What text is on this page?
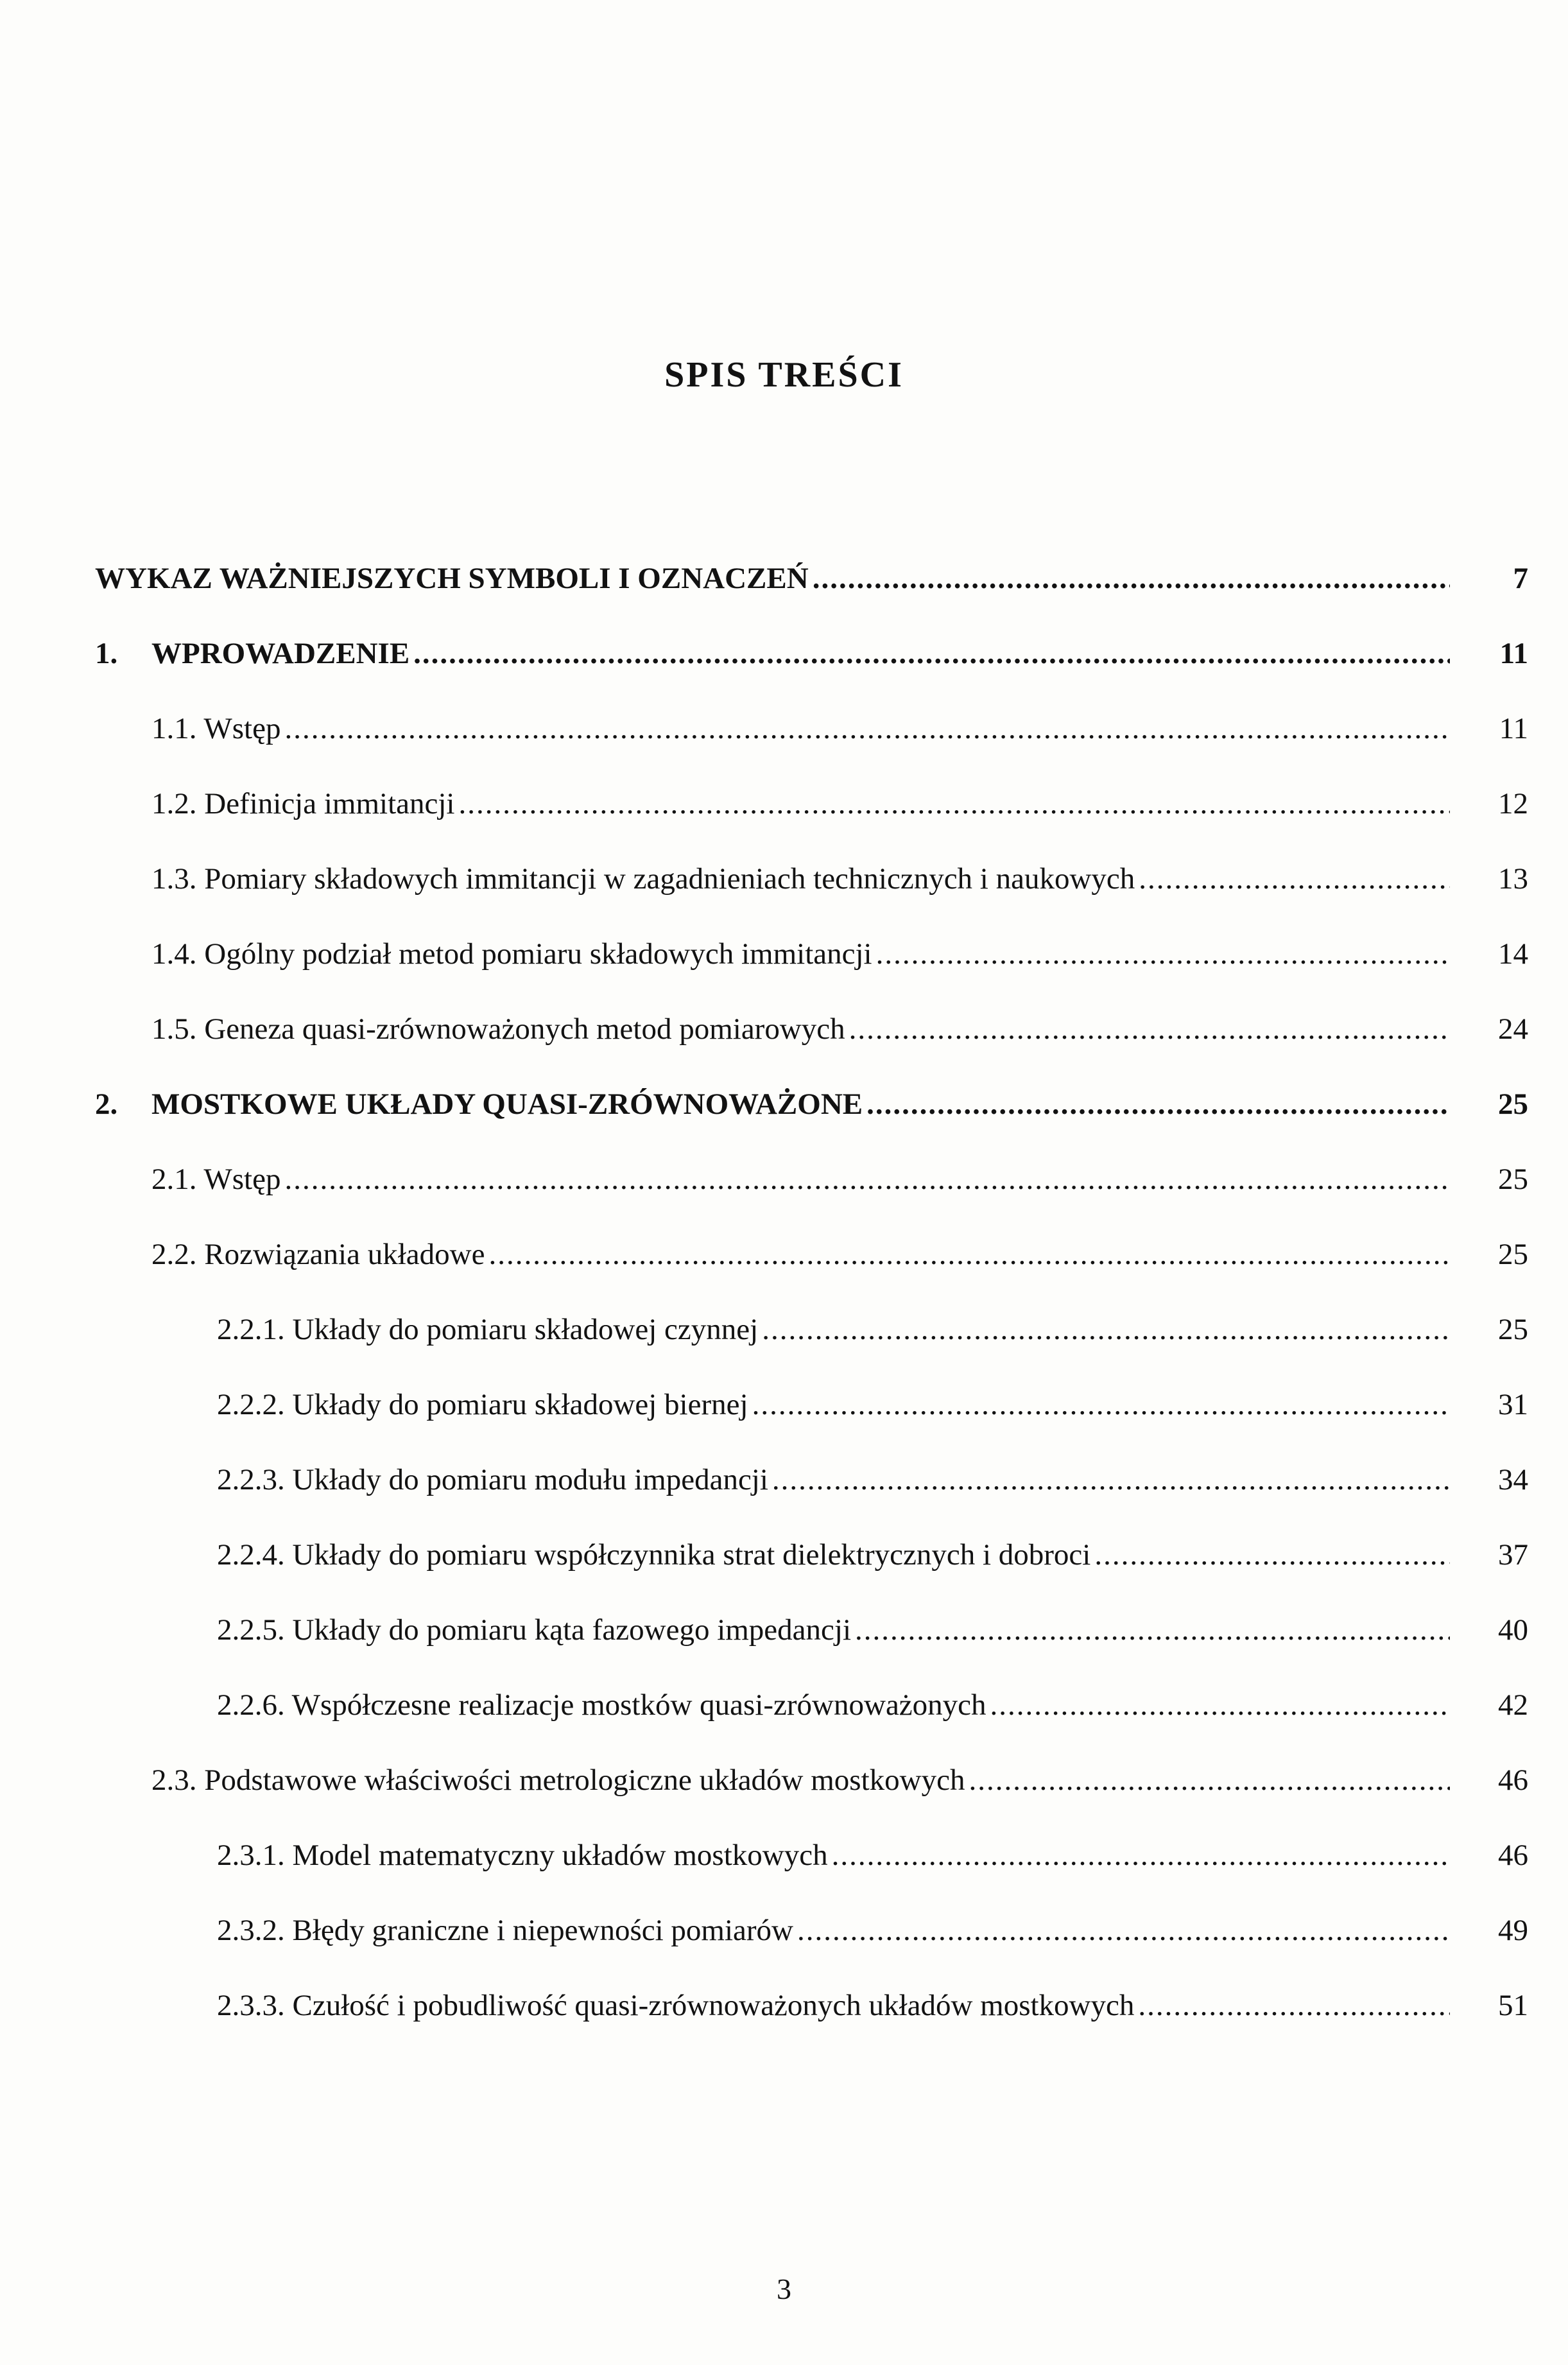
SPIS TREŚCI
WYKAZ WAŻNIEJSZYCH SYMBOLI I OZNACZEŃ .....	7
1.	WPROWADZENIE .....	11
1.1. Wstęp .....	11
1.2. Definicja immitancji .....	12
1.3. Pomiary składowych immitancji w zagadnieniach technicznych i naukowych .....	13
1.4. Ogólny podział metod pomiaru składowych immitancji .....	14
1.5. Geneza quasi-zrównoważonych metod pomiarowych .....	24
2.	MOSTKOWE UKŁADY QUASI-ZRÓWNOWAŻONE .....	25
2.1. Wstęp .....	25
2.2. Rozwiązania układowe .....	25
2.2.1. Układy do pomiaru składowej czynnej .....	25
2.2.2. Układy do pomiaru składowej biernej .....	31
2.2.3. Układy do pomiaru modułu impedancji .....	34
2.2.4. Układy do pomiaru współczynnika strat dielektrycznych i dobroci .....	37
2.2.5. Układy do pomiaru kąta fazowego impedancji .....	40
2.2.6. Współczesne realizacje mostków quasi-zrównoważonych .....	42
2.3. Podstawowe właściwości metrologiczne układów mostkowych .....	46
2.3.1. Model matematyczny układów mostkowych .....	46
2.3.2. Błędy graniczne i niepewności pomiarów .....	49
2.3.3. Czułość i pobudliwość quasi-zrównoważonych układów mostkowych .....	51
3
